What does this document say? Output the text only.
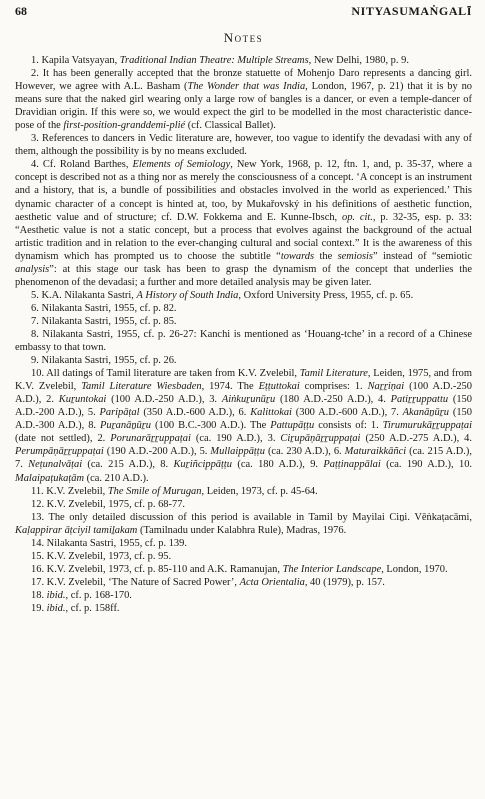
68	NITYASUMAṄGALĪ
Notes

1. Kapila Vatsyayan, Traditional Indian Theatre: Multiple Streams, New Delhi, 1980, p. 9.

2. It has been generally accepted that the bronze statuette of Mohenjo Daro represents a dancing girl. However, we agree with A.L. Basham (The Wonder that was India, London, 1967, p. 21) that it is by no means sure that the naked girl wearing only a large row of bangles is a dancer, or even a temple-dancer of Dravidian origin. If this were so, we would expect the girl to be modelled in the most characteristic dance-pose of the first-position-granddemi-plié (cf. Classical Ballet).

3. References to dancers in Vedic literature are, however, too vague to identify the devadasi with any of them, although the possibility is by no means excluded.

4. Cf. Roland Barthes, Elements of Semiology, New York, 1968, p. 12, ftn. 1, and, p. 35-37, where a concept is described not as a thing nor as merely the consciousness of a concept. ‘A concept is an instrument and a history, that is, a bundle of possibilities and obstacles involved in the world as experienced.’ This dynamic character of a concept is hinted at, too, by Mukařovský in his definitions of aesthetic function, aesthetic value and of structure; cf. D.W. Fokkema and E. Kunne-Ibsch, op. cit., p. 32-35, esp. p. 33: “Aesthetic value is not a static concept, but a process that evolves against the background of the actual artistic tradition and in relation to the ever-changing cultural and social context.” It is the awareness of this dynamism which has prompted us to choose the subtitle “towards the semiosis” instead of “semiotic analysis”: at this stage our task has been to grasp the dynamism of the concept that underlies the phenomenon of the devadasi; a further and more detailed analysis may be given later.

5. K.A. Nilakanta Sastri, A History of South India, Oxford University Press, 1955, cf. p. 65.

6. Nilakanta Sastri, 1955, cf. p. 82.

7. Nilakanta Sastri, 1955, cf. p. 85.

8. Nilakanta Sastri, 1955, cf. p. 26-27: Kanchi is mentioned as ‘Houang-tche’ in a record of a Chinese embassy to that town.

9. Nilakanta Sastri, 1955, cf. p. 26.

10. All datings of Tamil literature are taken from K.V. Zvelebil, Tamil Literature, Leiden, 1975, and from K.V. Zvelebil, Tamil Literature Wiesbaden, 1974. The Eṭṭuttokai comprises: 1. Naṟṟiṇai (100 A.D.-250 A.D.), 2. Kuṟuntokai (100 A.D.-250 A.D.), 3. Aiṅkuṟunūṟu (180 A.D.-250 A.D.), 4. Patiṟṟuppattu (150 A.D.-200 A.D.), 5. Paripāṭal (350 A.D.-600 A.D.), 6. Kalittokai (300 A.D.-600 A.D.), 7. Akanāṉūṟu (150 A.D.-300 A.D.), 8. Puṟanāṉūṟu (100 B.C.-300 A.D.). The Pattupāṭṭu consists of: 1. Tirumurukāṟṟuppaṭai (date not settled), 2. Porunarāṟṟuppaṭai (ca. 190 A.D.), 3. Ciṟupāṇāṟṟuppaṭai (250 A.D.-275 A.D.), 4. Perumpāṇāṟṟuppaṭai (190 A.D.-200 A.D.), 5. Mullaippāṭṭu (ca. 230 A.D.), 6. Maturaikkāñci (ca. 215 A.D.), 7. Neṭunalvāṭai (ca. 215 A.D.), 8. Kuṟiñcippāṭṭu (ca. 180 A.D.), 9. Paṭṭinappālai (ca. 190 A.D.), 10. Malaipaṭukaṭām (ca. 210 A.D.).

11. K.V. Zvelebil, The Smile of Murugan, Leiden, 1973, cf. p. 45-64.

12. K.V. Zvelebil, 1975, cf. p. 68-77.

13. The only detailed discussion of this period is available in Tamil by Mayilai Ciṉi. Vēṅkaṭacāmi, Kaḷappirar āṭciyil tamiḻakam (Tamilnadu under Kalabhra Rule), Madras, 1976.

14. Nilakanta Sastri, 1955, cf. p. 139.

15. K.V. Zvelebil, 1973, cf. p. 95.

16. K.V. Zvelebil, 1973, cf. p. 85-110 and A.K. Ramanujan, The Interior Landscape, London, 1970.

17. K.V. Zvelebil, ‘The Nature of Sacred Power’, Acta Orientalia, 40 (1979), p. 157.

18. ibid., cf. p. 168-170.

19. ibid., cf. p. 158ff.
